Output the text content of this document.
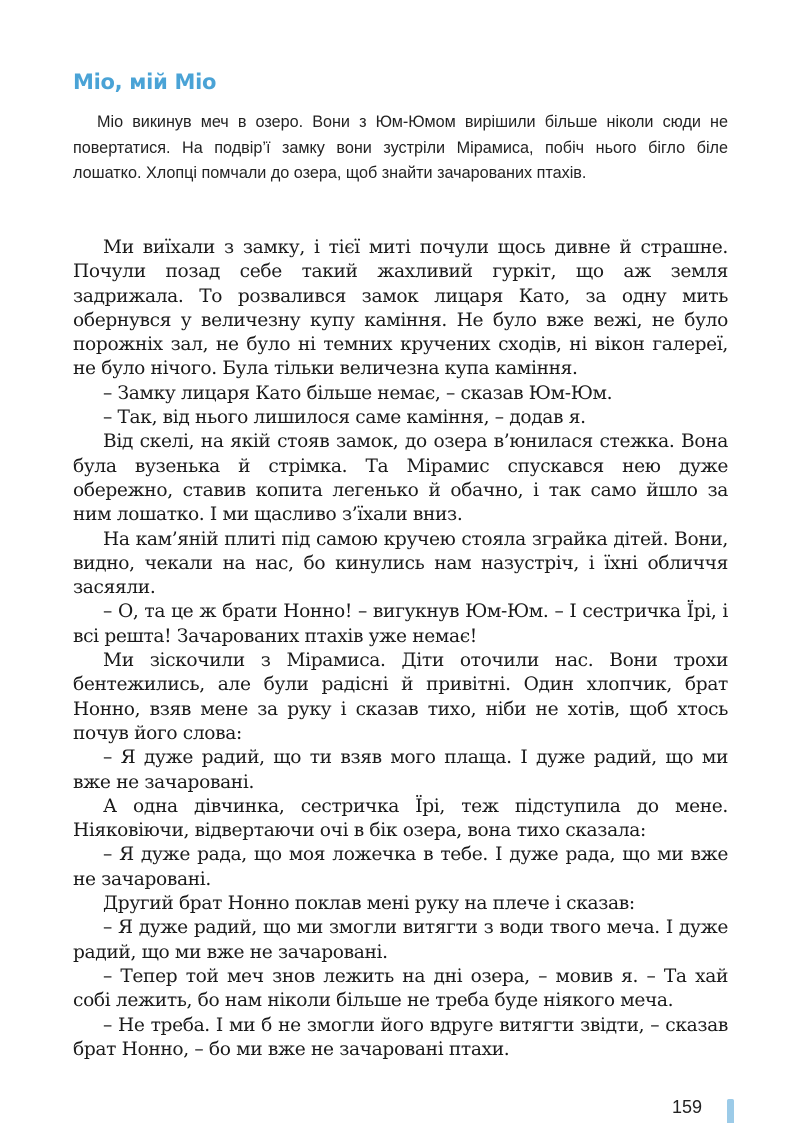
Міо, мій Міо

Міо викинув меч в озеро. Вони з Юм-Юмом вирішили більше ніколи сюди не повертатися. На подвір’ї замку вони зустріли Мірамиса, побіч нього бігло біле лошатко. Хлопці помчали до озера, щоб знайти зачарованих птахів.

Ми виїхали з замку, і тієї миті почули щось дивне й страшне. Почули позад себе такий жахливий гуркіт, що аж земля задрижала. То розвалився замок лицаря Като, за одну мить обернувся у величезну купу каміння. Не було вже вежі, не було порожніх зал, не було ні темних кручених сходів, ні вікон галереї, не було нічого. Була тільки величезна купа каміння.

– Замку лицаря Като більше немає, – сказав Юм-Юм.

– Так, від нього лишилося саме каміння, – додав я.

Від скелі, на якій стояв замок, до озера в’юнилася стежка. Вона була вузенька й стрімка. Та Мірамис спускався нею дуже обережно, ставив копита легенько й обачно, і так само йшло за ним лошатко. І ми щасливо з’їхали вниз.

На кам’яній плиті під самою кручею стояла зграйка дітей. Вони, видно, чекали на нас, бо кинулись нам назустріч, і їхні обличчя засяяли.

– О, та це ж брати Нонно! – вигукнув Юм-Юм. – І сестричка Їрі, і всі решта! Зачарованих птахів уже немає!

Ми зіскочили з Мірамиса. Діти оточили нас. Вони трохи бентежились, але були радісні й привітні. Один хлопчик, брат Нонно, взяв мене за руку і сказав тихо, ніби не хотів, щоб хтось почув його слова:

– Я дуже радий, що ти взяв мого плаща. І дуже радий, що ми вже не зачаровані.

А одна дівчинка, сестричка Їрі, теж підступила до мене. Ніяковіючи, відвертаючи очі в бік озера, вона тихо сказала:

– Я дуже рада, що моя ложечка в тебе. І дуже рада, що ми вже не зачаровані.

Другий брат Нонно поклав мені руку на плече і сказав:

– Я дуже радий, що ми змогли витягти з води твого меча. І дуже радий, що ми вже не зачаровані.

– Тепер той меч знов лежить на дні озера, – мовив я. – Та хай собі лежить, бо нам ніколи більше не треба буде ніякого меча.

– Не треба. І ми б не змогли його вдруге витягти звідти, – сказав брат Нонно, – бо ми вже не зачаровані птахи.

159
